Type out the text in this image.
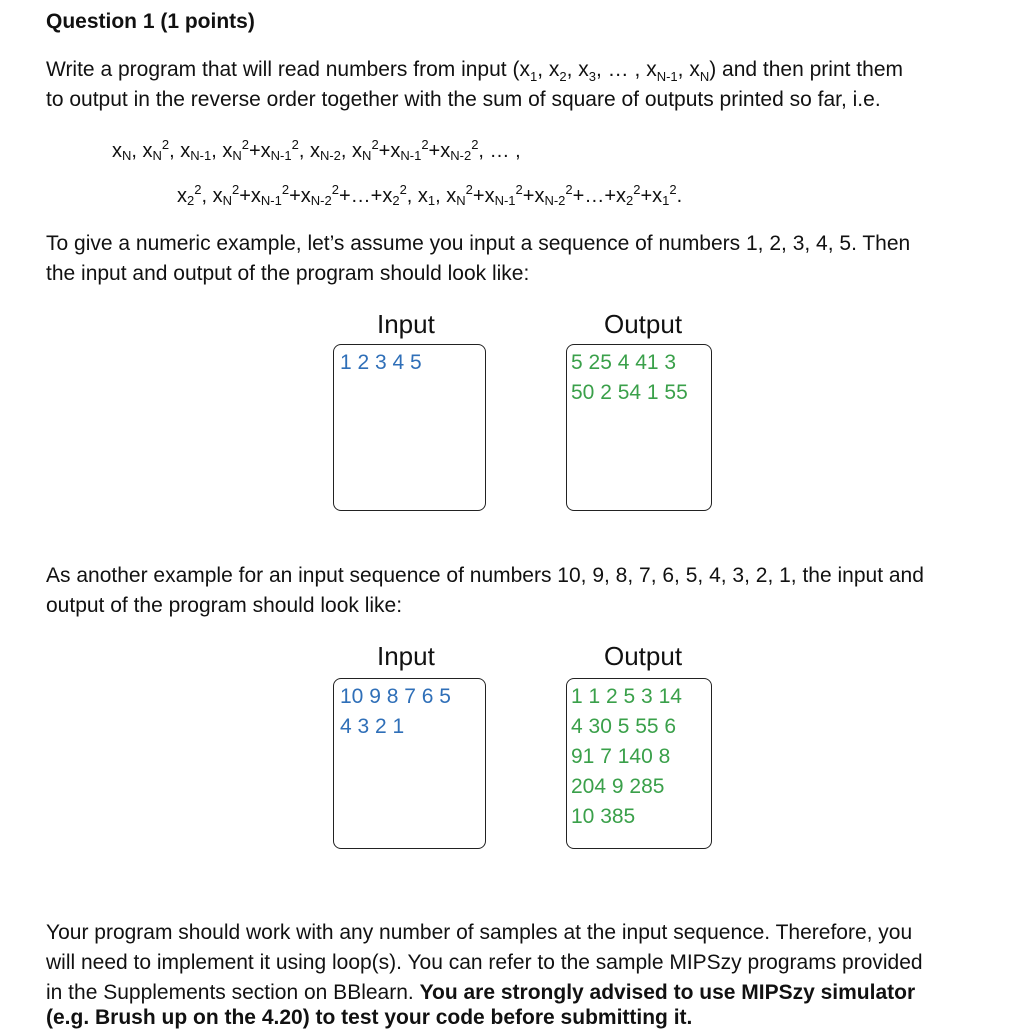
Question 1 (1 points)
Write a program that will read numbers from input ($x_1$, $x_2$, $x_3$, … , $x_{N-1}$, $x_N$) and then print them
to output in the reverse order together with the sum of square of outputs printed so far, i.e.
$x_N$, $x_N^2$, $x_{N-1}$, $x_N^2+x_{N-1}^2$, $x_{N-2}$, $x_N^2+x_{N-1}^2+x_{N-2}^2$, … ,
$x_2^2$, $x_N^2+x_{N-1}^2+x_{N-2}^2+\dots+x_2^2$, $x_1$, $x_N^2+x_{N-1}^2+x_{N-2}^2+\dots+x_2^2+x_1^2$.
To give a numeric example, let’s assume you input a sequence of numbers 1, 2, 3, 4, 5. Then
the input and output of the program should look like:
Input	Output
1 2 3 4 5	5 25 4 41 3
50 2 54 1 55
As another example for an input sequence of numbers 10, 9, 8, 7, 6, 5, 4, 3, 2, 1, the input and
output of the program should look like:
Input	Output
10 9 8 7 6 5
4 3 2 1
1 1 2 5 3 14
4 30 5 55 6
91 7 140 8
204 9 285
10 385
Your program should work with any number of samples at the input sequence. Therefore, you
will need to implement it using loop(s). You can refer to the sample MIPSzy programs provided
in the Supplements section on BBlearn. You are strongly advised to use MIPSzy simulator
(e.g. Brush up on the 4.20) to test your code before submitting it.
